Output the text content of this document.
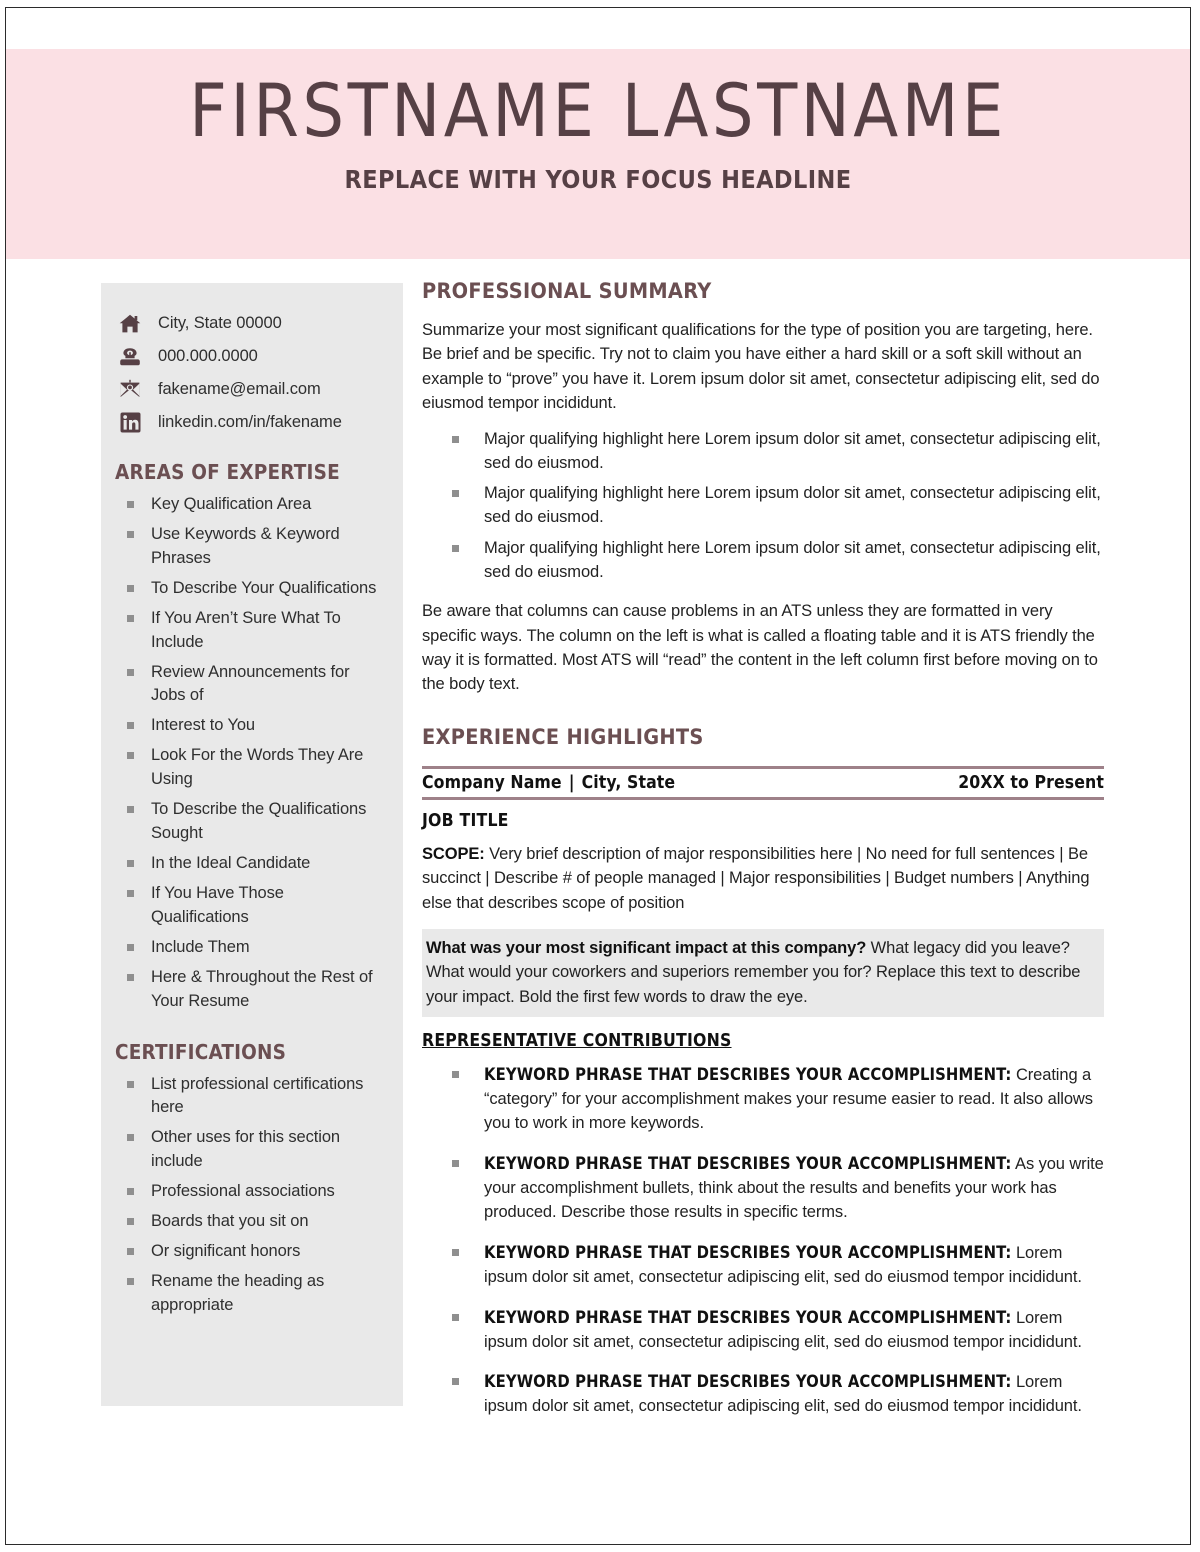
FIRSTNAME LASTNAME
REPLACE WITH YOUR FOCUS HEADLINE
City, State 00000
000.000.0000
fakename@email.com
linkedin.com/in/fakename
AREAS OF EXPERTISE
Key Qualification Area
Use Keywords & Keyword Phrases
To Describe Your Qualifications
If You Aren’t Sure What To Include
Review Announcements for Jobs of
Interest to You
Look For the Words They Are Using
To Describe the Qualifications Sought
In the Ideal Candidate
If You Have Those Qualifications
Include Them
Here & Throughout the Rest of Your Resume
CERTIFICATIONS
List professional certifications here
Other uses for this section include
Professional associations
Boards that you sit on
Or significant honors
Rename the heading as appropriate
PROFESSIONAL SUMMARY

Summarize your most significant qualifications for the type of position you are targeting, here. Be brief and be specific. Try not to claim you have either a hard skill or a soft skill without an example to “prove” you have it. Lorem ipsum dolor sit amet, consectetur adipiscing elit, sed do eiusmod tempor incididunt.

Major qualifying highlight here Lorem ipsum dolor sit amet, consectetur adipiscing elit, sed do eiusmod.
Major qualifying highlight here Lorem ipsum dolor sit amet, consectetur adipiscing elit, sed do eiusmod.
Major qualifying highlight here Lorem ipsum dolor sit amet, consectetur adipiscing elit, sed do eiusmod.

Be aware that columns can cause problems in an ATS unless they are formatted in very specific ways. The column on the left is what is called a floating table and it is ATS friendly the way it is formatted. Most ATS will “read” the content in the left column first before moving on to the body text.

EXPERIENCE HIGHLIGHTS
Company Name | City, State	20XX to Present
JOB TITLE

SCOPE: Very brief description of major responsibilities here | No need for full sentences | Be succinct | Describe # of people managed | Major responsibilities | Budget numbers | Anything else that describes scope of position

What was your most significant impact at this company? What legacy did you leave? What would your coworkers and superiors remember you for? Replace this text to describe your impact. Bold the first few words to draw the eye.

REPRESENTATIVE CONTRIBUTIONS
KEYWORD PHRASE THAT DESCRIBES YOUR ACCOMPLISHMENT: Creating a “category” for your accomplishment makes your resume easier to read. It also allows you to work in more keywords.
KEYWORD PHRASE THAT DESCRIBES YOUR ACCOMPLISHMENT: As you write your accomplishment bullets, think about the results and benefits your work has produced. Describe those results in specific terms.
KEYWORD PHRASE THAT DESCRIBES YOUR ACCOMPLISHMENT: Lorem ipsum dolor sit amet, consectetur adipiscing elit, sed do eiusmod tempor incididunt.
KEYWORD PHRASE THAT DESCRIBES YOUR ACCOMPLISHMENT: Lorem ipsum dolor sit amet, consectetur adipiscing elit, sed do eiusmod tempor incididunt.
KEYWORD PHRASE THAT DESCRIBES YOUR ACCOMPLISHMENT: Lorem ipsum dolor sit amet, consectetur adipiscing elit, sed do eiusmod tempor incididunt.
